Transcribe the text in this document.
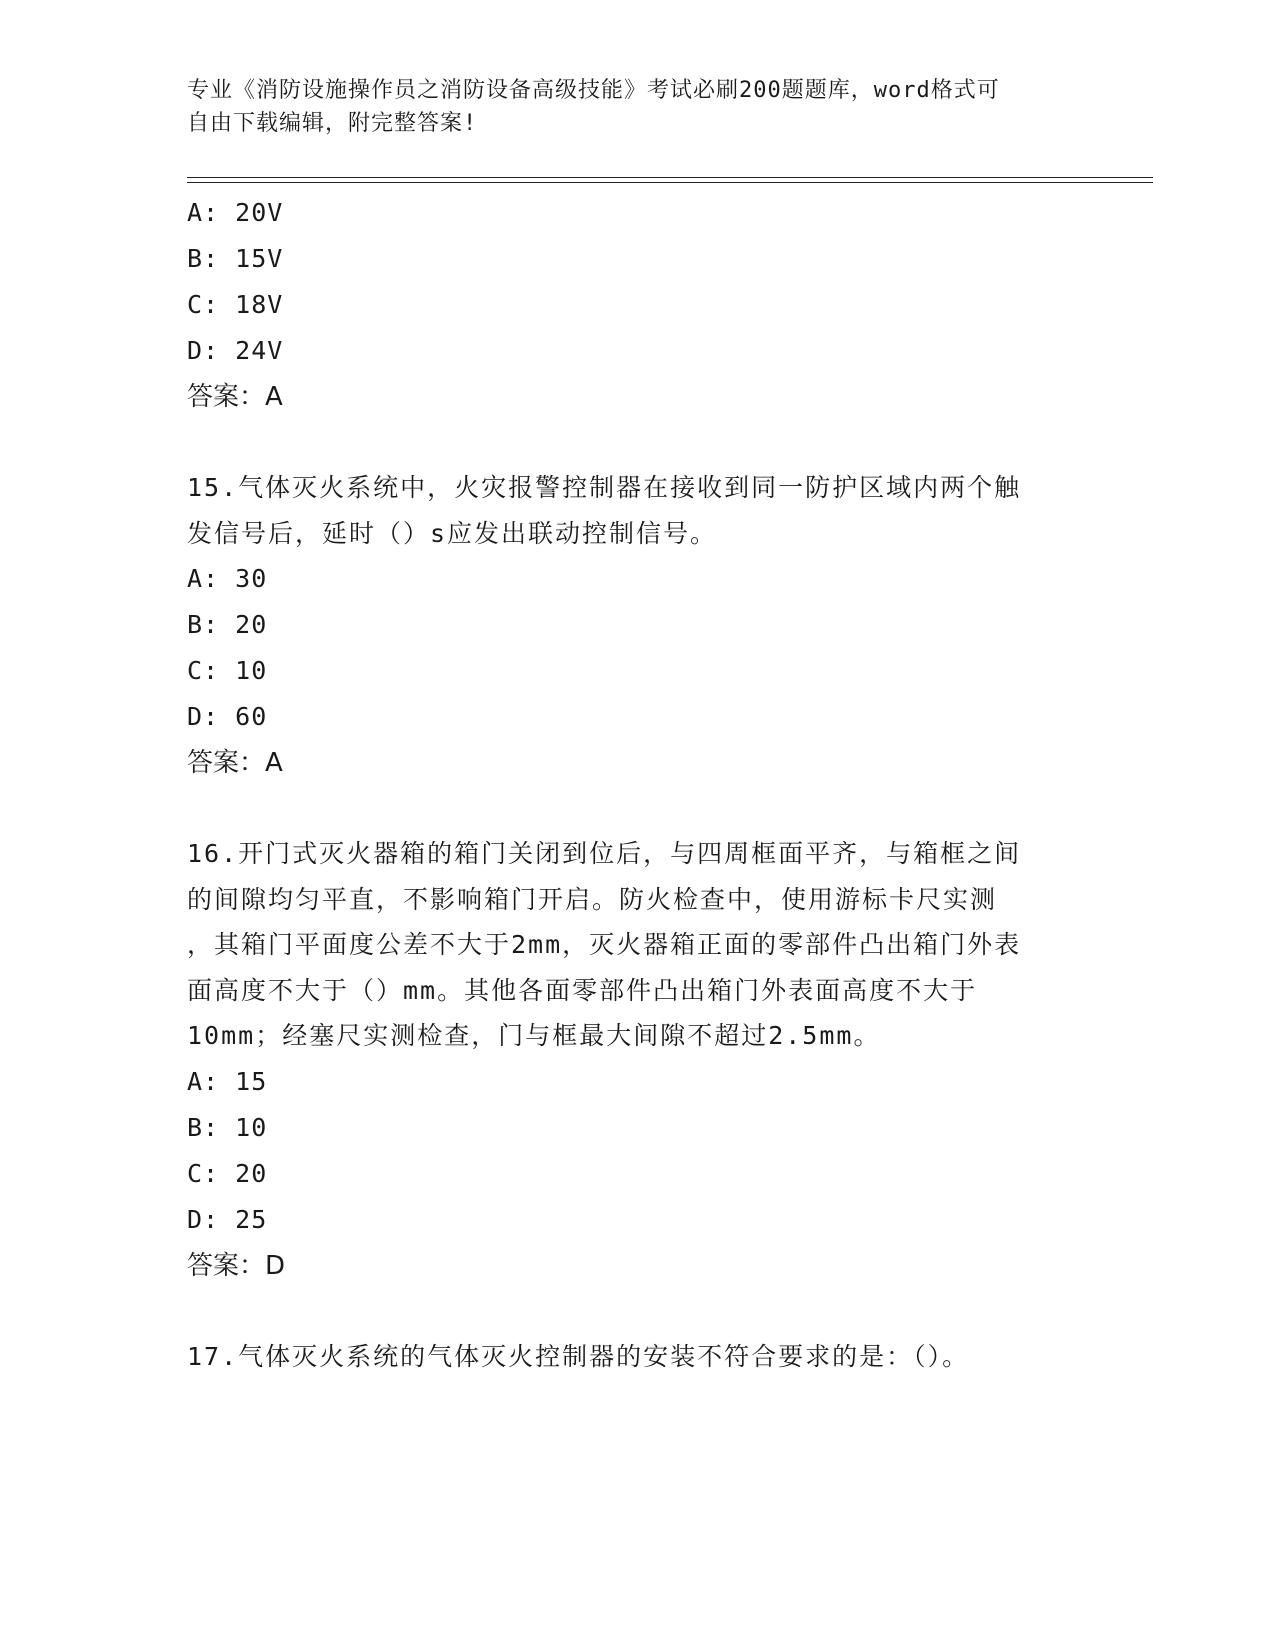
专业《消防设施操作员之消防设备高级技能》考试必刷200题题库，word格式可
自由下载编辑，附完整答案!
A: 20V
B: 15V
C: 18V
D: 24V
答案：A
15.气体灭火系统中，火灾报警控制器在接收到同一防护区域内两个触
发信号后，延时（）s应发出联动控制信号。
A: 30
B: 20
C: 10
D: 60
答案：A
16.开门式灭火器箱的箱门关闭到位后，与四周框面平齐，与箱框之间
的间隙均匀平直，不影响箱门开启。防火检查中，使用游标卡尺实测
，其箱门平面度公差不大于2mm，灭火器箱正面的零部件凸出箱门外表
面高度不大于（）mm。其他各面零部件凸出箱门外表面高度不大于
10mm；经塞尺实测检查，门与框最大间隙不超过2.5mm。
A: 15
B: 10
C: 20
D: 25
答案：D
17.气体灭火系统的气体灭火控制器的安装不符合要求的是：（）。
